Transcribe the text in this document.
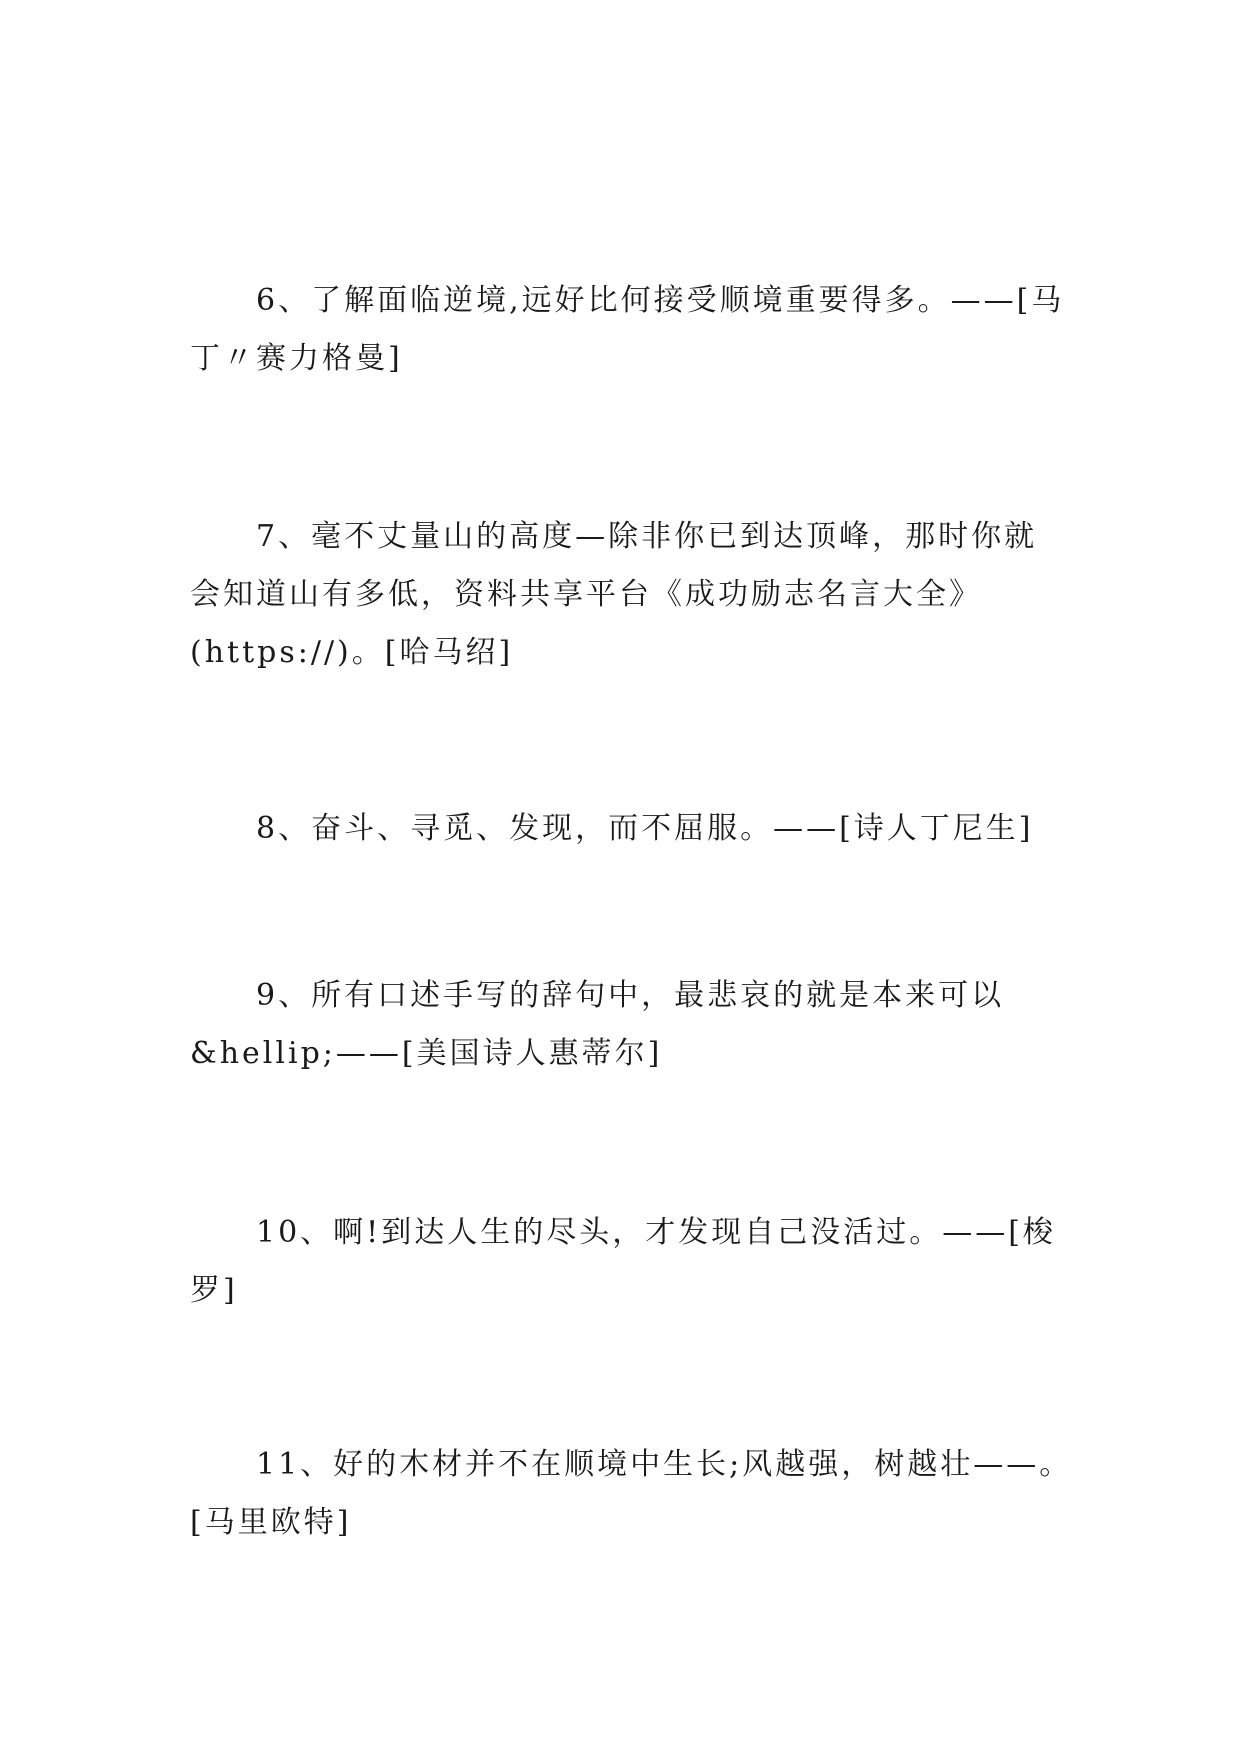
6、了解面临逆境,远好比何接受顺境重要得多。——[马
丁〃赛力格曼]

7、毫不丈量山的高度—除非你已到达顶峰，那时你就
会知道山有多低，资料共享平台《成功励志名言大全》
(https://)。[哈马绍]

8、奋斗、寻觅、发现，而不屈服。——[诗人丁尼生]

9、所有口述手写的辞句中，最悲哀的就是本来可以
&hellip;——[美国诗人惠蒂尔]

10、啊!到达人生的尽头，才发现自己没活过。——[梭
罗]

11、好的木材并不在顺境中生长;风越强，树越壮——。
[马里欧特]
